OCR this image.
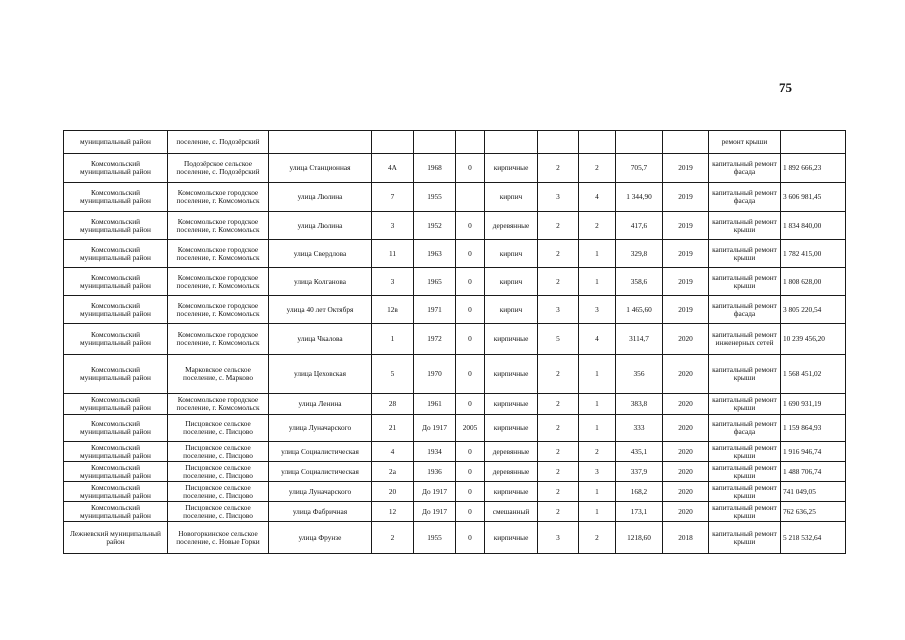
75
муниципальный район	поселение, с. Подозёрский										ремонт крыши	
Комсомольский муниципальный район	Подозёрское сельское поселение, с. Подозёрский	улица Станционная	4А	1968	0	кирпичные	2	2	705,7	2019	капитальный ремонт фасада	1 892 666,23
Комсомольский муниципальный район	Комсомольское городское поселение, г. Комсомольск	улица Люлина	7	1955		кирпич	3	4	1 344,90	2019	капитальный ремонт фасада	3 606 981,45
Комсомольский муниципальный район	Комсомольское городское поселение, г. Комсомольск	улица Люлина	3	1952	0	деревянные	2	2	417,6	2019	капитальный ремонт крыши	1 834 840,00
Комсомольский муниципальный район	Комсомольское городское поселение, г. Комсомольск	улица Свердлова	11	1963	0	кирпич	2	1	329,8	2019	капитальный ремонт крыши	1 782 415,00
Комсомольский муниципальный район	Комсомольское городское поселение, г. Комсомольск	улица Колганова	3	1965	0	кирпич	2	1	358,6	2019	капитальный ремонт крыши	1 808 628,00
Комсомольский муниципальный район	Комсомольское городское поселение, г. Комсомольск	улица 40 лет Октября	12в	1971	0	кирпич	3	3	1 465,60	2019	капитальный ремонт фасада	3 805 220,54
Комсомольский муниципальный район	Комсомольское городское поселение, г. Комсомольск	улица Чкалова	1	1972	0	кирпичные	5	4	3114,7	2020	капитальный ремонт инженерных сетей	10 239 456,20
Комсомольский муниципальный район	Марковское сельское поселение, с. Марково	улица Цеховская	5	1970	0	кирпичные	2	1	356	2020	капитальный ремонт крыши	1 568 451,02
Комсомольский муниципальный район	Комсомольское городское поселение, г. Комсомольск	улица Ленина	28	1961	0	кирпичные	2	1	383,8	2020	капитальный ремонт крыши	1 690 931,19
Комсомольский муниципальный район	Писцовское сельское поселение, с. Писцово	улица Луначарского	21	До 1917	2005	кирпичные	2	1	333	2020	капитальный ремонт фасада	1 159 864,93
Комсомольский муниципальный район	Писцовское сельское поселение, с. Писцово	улица Социалистическая	4	1934	0	деревянные	2	2	435,1	2020	капитальный ремонт крыши	1 916 946,74
Комсомольский муниципальный район	Писцовское сельское поселение, с. Писцово	улица Социалистическая	2а	1936	0	деревянные	2	3	337,9	2020	капитальный ремонт крыши	1 488 706,74
Комсомольский муниципальный район	Писцовское сельское поселение, с. Писцово	улица Луначарского	20	До 1917	0	кирпичные	2	1	168,2	2020	капитальный ремонт крыши	741 049,05
Комсомольский муниципальный район	Писцовское сельское поселение, с. Писцово	улица Фабричная	12	До 1917	0	смешанный	2	1	173,1	2020	капитальный ремонт крыши	762 636,25
Лежневский муниципальный район	Новогоркинское сельское поселение, с. Новые Горки	улица Фрунзе	2	1955	0	кирпичные	3	2	1218,60	2018	капитальный ремонт крыши	5 218 532,64
